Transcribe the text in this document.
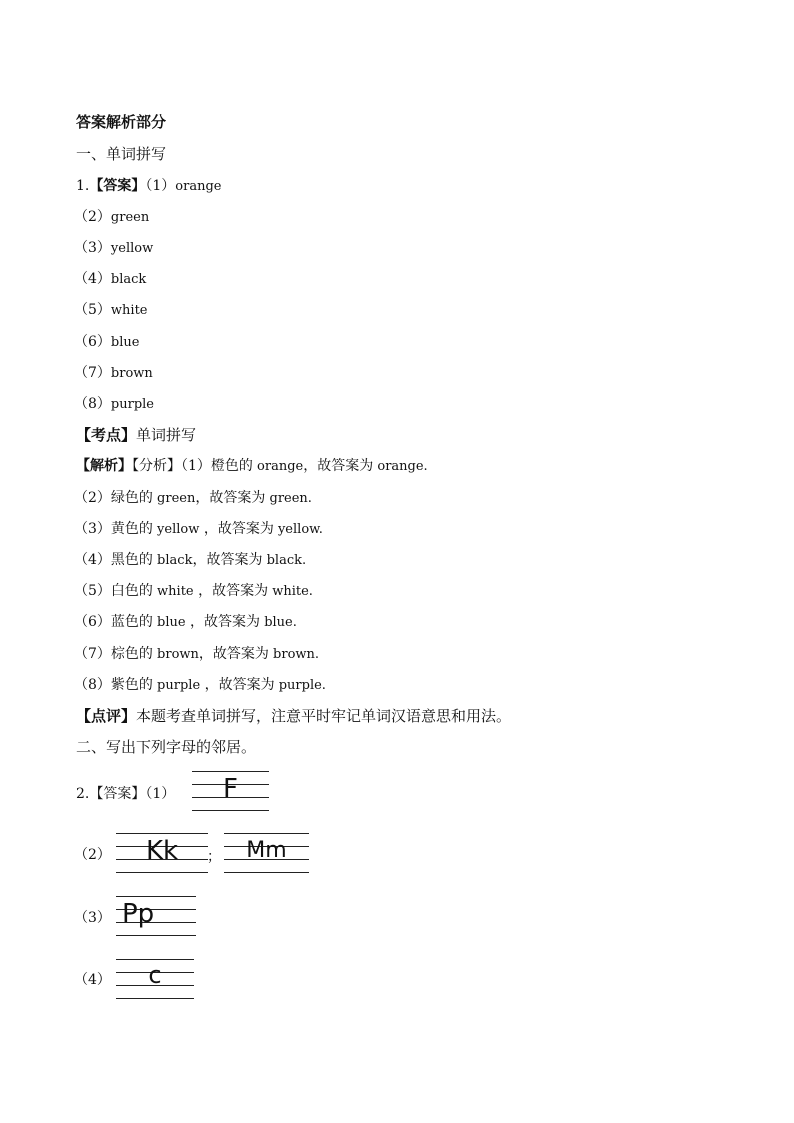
答案解析部分
一、单词拼写
1.【答案】（1）orange
（2）green
（3）yellow
（4）black
（5）white
（6）blue
（7）brown
（8）purple
【考点】单词拼写
【解析】【分析】（1）橙色的 orange，故答案为 orange.
（2）绿色的 green，故答案为 green.
（3）黄色的 yellow ，故答案为 yellow.
（4）黑色的 black，故答案为 black.
（5）白色的 white ，故答案为 white.
（6）蓝色的 blue ，故答案为 blue.
（7）棕色的 brown，故答案为 brown.
（8）紫色的 purple ，故答案为 purple.
【点评】本题考查单词拼写，注意平时牢记单词汉语意思和用法。
二、写出下列字母的邻居。
2.【答案】（1）	F
（2）	Kk	；	Mm
（3） Pp
（4）	c
